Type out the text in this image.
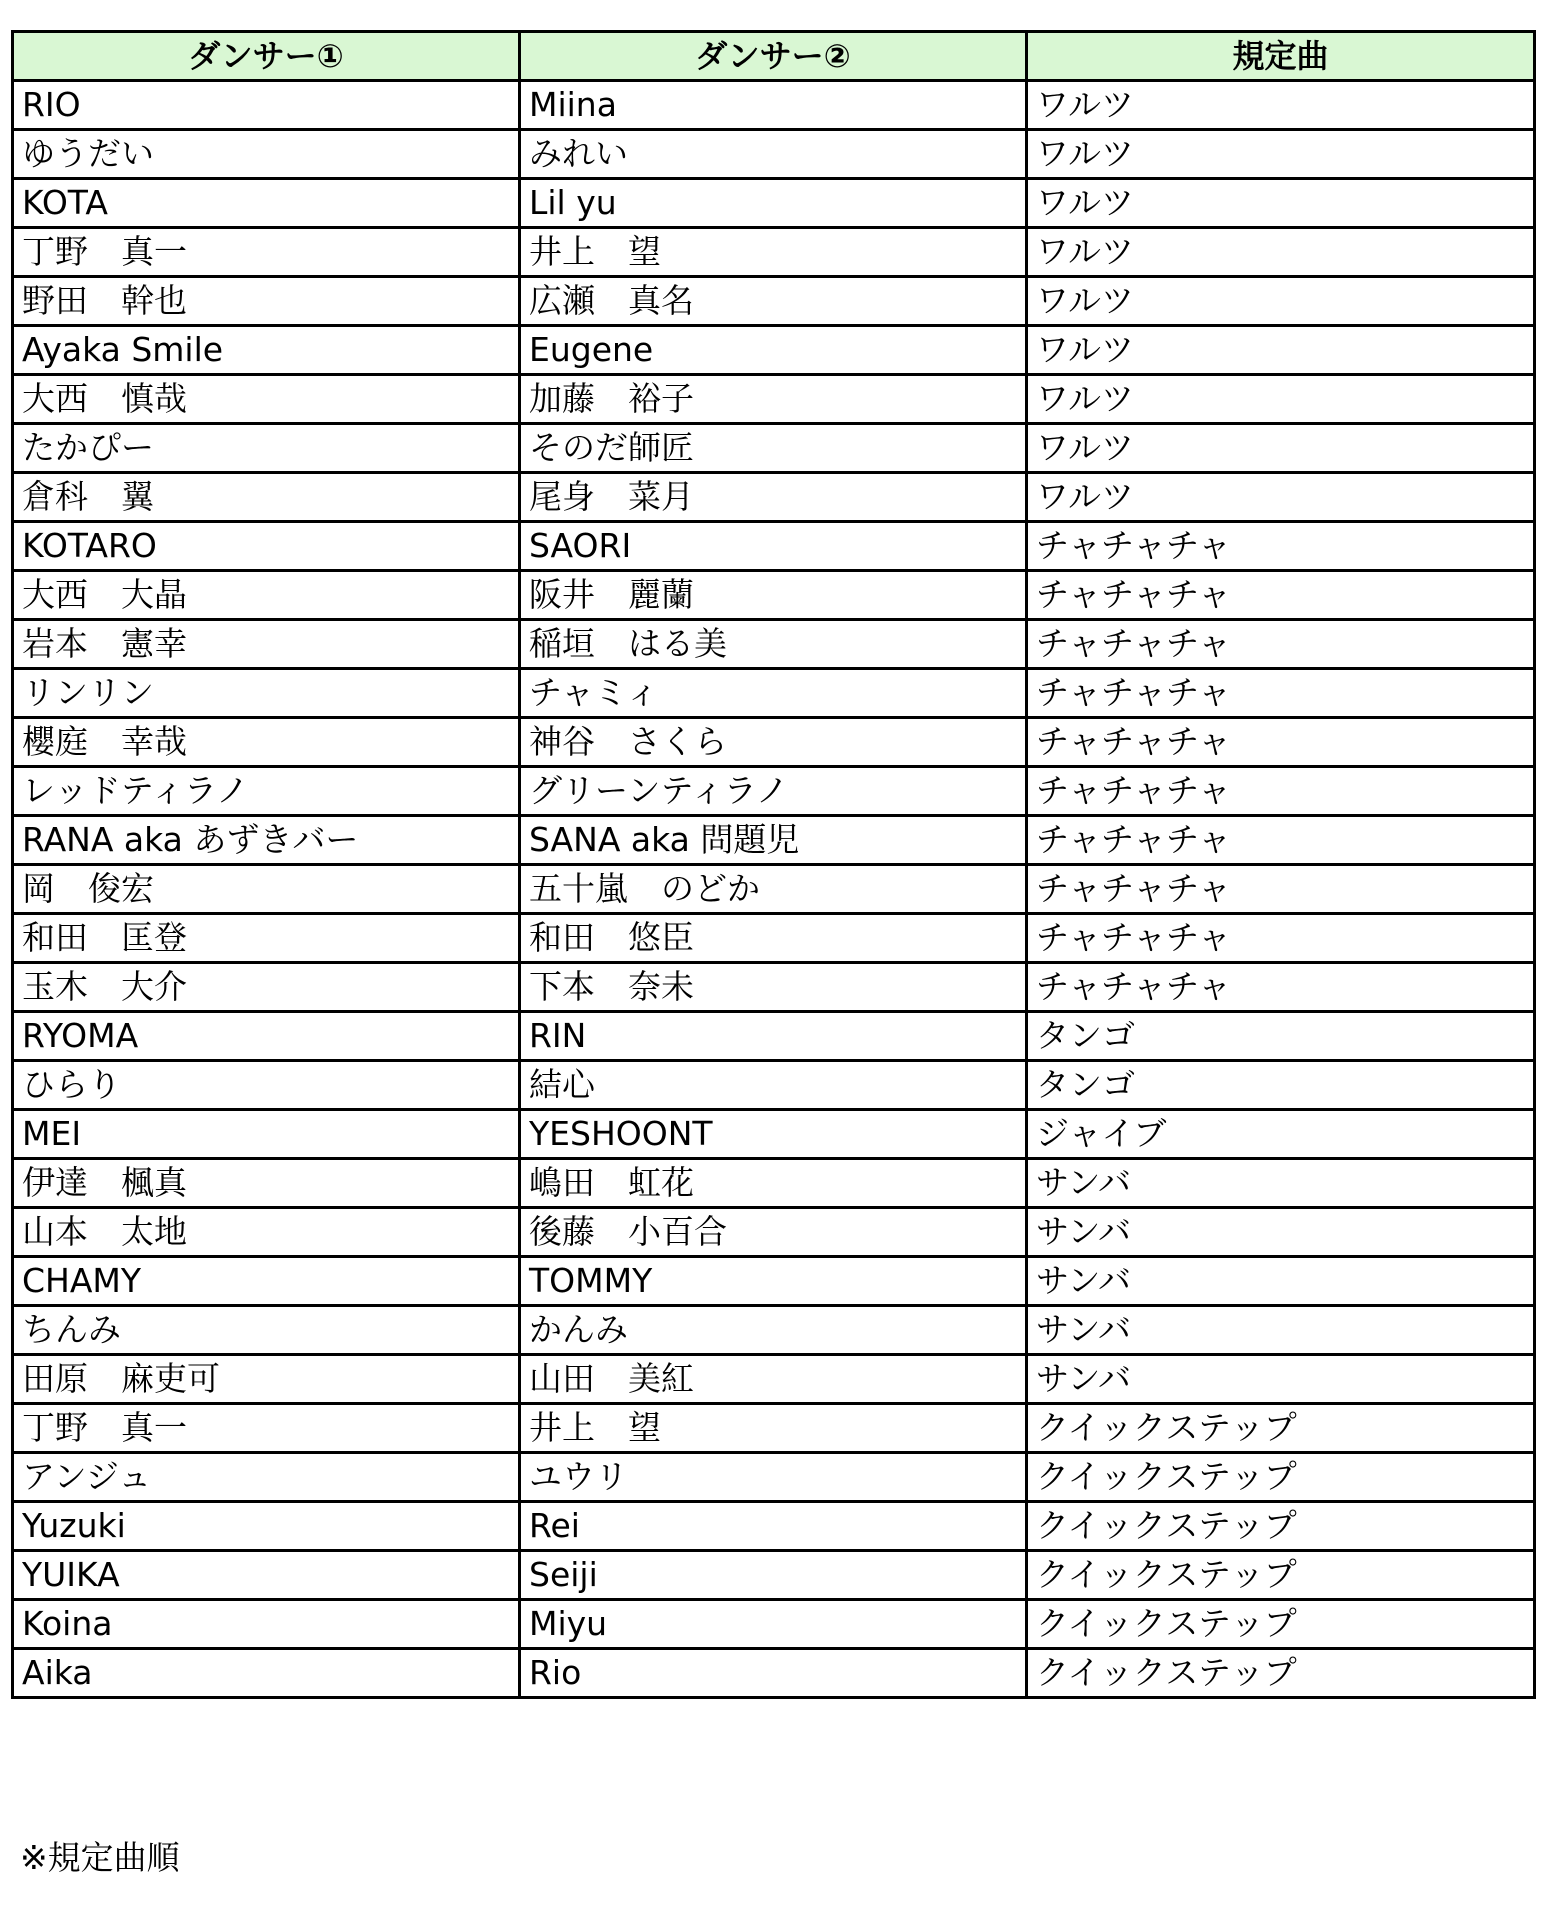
ダンサー①	ダンサー②	規定曲
RIO	Miina	ワルツ
ゆうだい	みれい	ワルツ
KOTA	Lil yu	ワルツ
丁野　真一	井上　望	ワルツ
野田　幹也	広瀬　真名	ワルツ
Ayaka Smile	Eugene	ワルツ
大西　慎哉	加藤　裕子	ワルツ
たかぴー	そのだ師匠	ワルツ
倉科　翼	尾身　菜月	ワルツ
KOTARO	SAORI	チャチャチャ
大西　大晶	阪井　麗蘭	チャチャチャ
岩本　憲幸	稲垣　はる美	チャチャチャ
リンリン	チャミィ	チャチャチャ
櫻庭　幸哉	神谷　さくら	チャチャチャ
レッドティラノ	グリーンティラノ	チャチャチャ
RANA aka あずきバー	SANA aka 問題児	チャチャチャ
岡　俊宏	五十嵐　のどか	チャチャチャ
和田　匡登	和田　悠臣	チャチャチャ
玉木　大介	下本　奈未	チャチャチャ
RYOMA	RIN	タンゴ
ひらり	結心	タンゴ
MEI	YESHOONT	ジャイブ
伊達　楓真	嶋田　虹花	サンバ
山本　太地	後藤　小百合	サンバ
CHAMY	TOMMY	サンバ
ちんみ	かんみ	サンバ
田原　麻吏可	山田　美紅	サンバ
丁野　真一	井上　望	クイックステップ
アンジュ	ユウリ	クイックステップ
Yuzuki	Rei	クイックステップ
YUIKA	Seiji	クイックステップ
Koina	Miyu	クイックステップ
Aika	Rio	クイックステップ
※規定曲順
